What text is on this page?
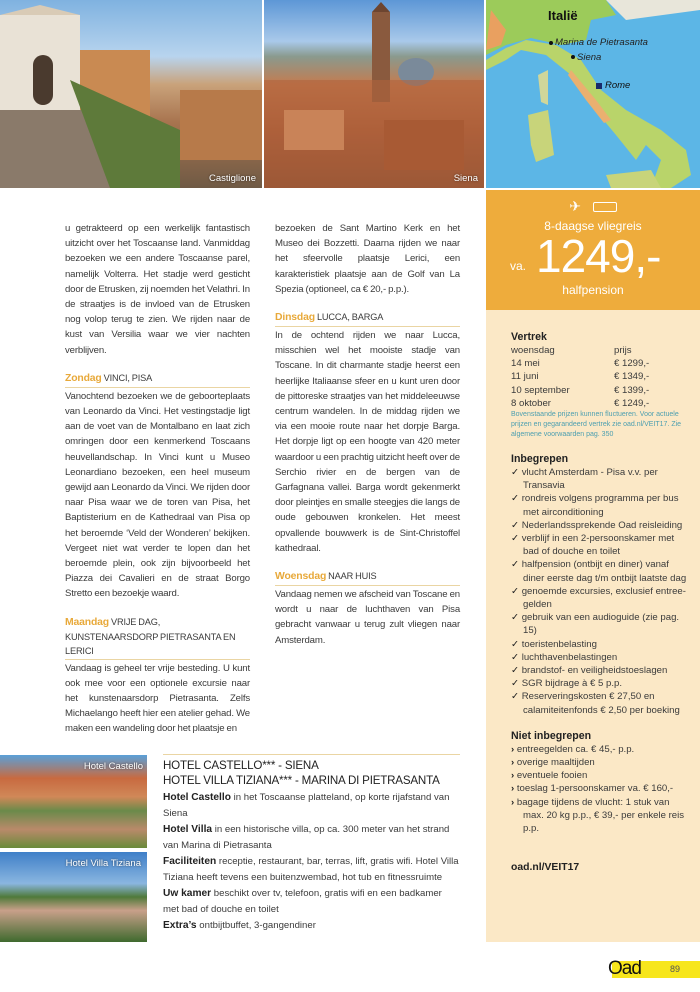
Castiglione	Siena
Italië
Marina de Pietrasanta
Siena
Rome

u getrakteerd op een werkelijk fantastisch uitzicht over het Toscaanse land. Vanmiddag bezoeken we een andere Toscaanse parel, namelijk Volterra. Het stadje werd gesticht door de Etrusken, zij noemden het Velathri. In de straatjes is de invloed van de Etrusken nog volop terug te zien. We rijden naar de kust van Versilia waar we vier nachten verblijven.

Zondag VINCI, PISA

Vanochtend bezoeken we de geboorteplaats van Leonardo da Vinci. Het vestingstadje ligt aan de voet van de Montalbano en laat zich omringen door een kenmerkend Toscaans heuvellandschap. In Vinci kunt u Museo Leonardiano bezoeken, een heel museum gewijd aan Leonardo da Vinci. We rijden door naar Pisa waar we de toren van Pisa, het Baptisterium en de Kathedraal van Pisa op het beroemde ‘Veld der Wonderen’ bekijken. Vergeet niet wat verder te lopen dan het beroemde plein, ook zijn bijvoorbeeld het Piazza dei Cavalieri en de straat Borgo Stretto een bezoekje waard.

Maandag VRIJE DAG, KUNSTENAARSDORP PIETRASANTA EN LERICI

Vandaag is geheel ter vrije besteding. U kunt ook mee voor een optionele excursie naar het kunstenaarsdorp Pietrasanta. Zelfs Michaelango heeft hier een atelier gehad. We maken een wandeling door het plaatsje en

bezoeken de Sant Martino Kerk en het Museo dei Bozzetti. Daarna rijden we naar het sfeervolle plaatsje Lerici, een karakteristiek plaatsje aan de Golf van La Spezia (optioneel, ca € 20,- p.p.).

Dinsdag LUCCA, BARGA

In de ochtend rijden we naar Lucca, misschien wel het mooiste stadje van Toscane. In dit charmante stadje heerst een heerlijke Italiaanse sfeer en u kunt uren door de pittoreske straatjes van het middeleeuwse centrum wandelen. In de middag rijden we via een mooie route naar het dorpje Barga. Het dorpje ligt op een hoogte van 420 meter waardoor u een prachtig uitzicht heeft over de Serchio rivier en de bergen van de Garfagnana vallei. Barga wordt gekenmerkt door pleintjes en smalle steegjes die langs de oude gebouwen kronkelen. Het meest opvallende bouwwerk is de Sint-Christoffel kathedraal.

Woensdag NAAR HUIS

Vandaag nemen we afscheid van Toscane en wordt u naar de luchthaven van Pisa gebracht vanwaar u terug zult vliegen naar Amsterdam.

Hotel Castello
Hotel Villa Tiziana
HOTEL CASTELLO*** - SIENA
HOTEL VILLA TIZIANA*** - MARINA DI PIETRASANTA
Hotel Castello in het Toscaanse platteland, op korte rijafstand van Siena
Hotel Villa in een historische villa, op ca. 300 meter van het strand van Marina di Pietrasanta
Faciliteiten receptie, restaurant, bar, terras, lift, gratis wifi. Hotel Villa Tiziana heeft tevens een buitenzwembad, hot tub en fitnessruimte
Uw kamer beschikt over tv, telefoon, gratis wifi en een badkamer met bad of douche en toilet
Extra’s ontbijtbuffet, 3-gangendiner
✈
8-daagse vliegreis
va. 1249,-
halfpension
Vertrek
woensdag	prijs
14 mei	€ 1299,-
11 juni	€ 1349,-
10 september	€ 1399,-
8 oktober	€ 1249,-
Bovenstaande prijzen kunnen fluctueren. Voor actuele prijzen en gegarandeerd vertrek zie oad.nl/VEIT17. Zie algemene voorwaarden pag. 350
Inbegrepen
✓ vlucht Amsterdam - Pisa v.v. per Transavia
✓ rondreis volgens programma per bus met airconditioning
✓ Nederlandssprekende Oad reisleiding
✓ verblijf in een 2-persoonskamer met bad of douche en toilet
✓ halfpension (ontbijt en diner) vanaf diner eerste dag t/m ontbijt laatste dag
✓ genoemde excursies, exclusief entree-gelden
✓ gebruik van een audioguide (zie pag. 15)
✓ toeristenbelasting
✓ luchthavenbelastingen
✓ brandstof- en veiligheidstoeslagen
✓ SGR bijdrage à € 5 p.p.
✓ Reserveringskosten € 27,50 en calamiteitenfonds € 2,50 per boeking
Niet inbegrepen
› entreegelden ca. € 45,- p.p.
› overige maaltijden
› eventuele fooien
› toeslag 1-persoonskamer va. € 160,-
› bagage tijdens de vlucht: 1 stuk van max. 20 kg p.p., € 39,- per enkele reis p.p.
oad.nl/VEIT17
Oad	89
